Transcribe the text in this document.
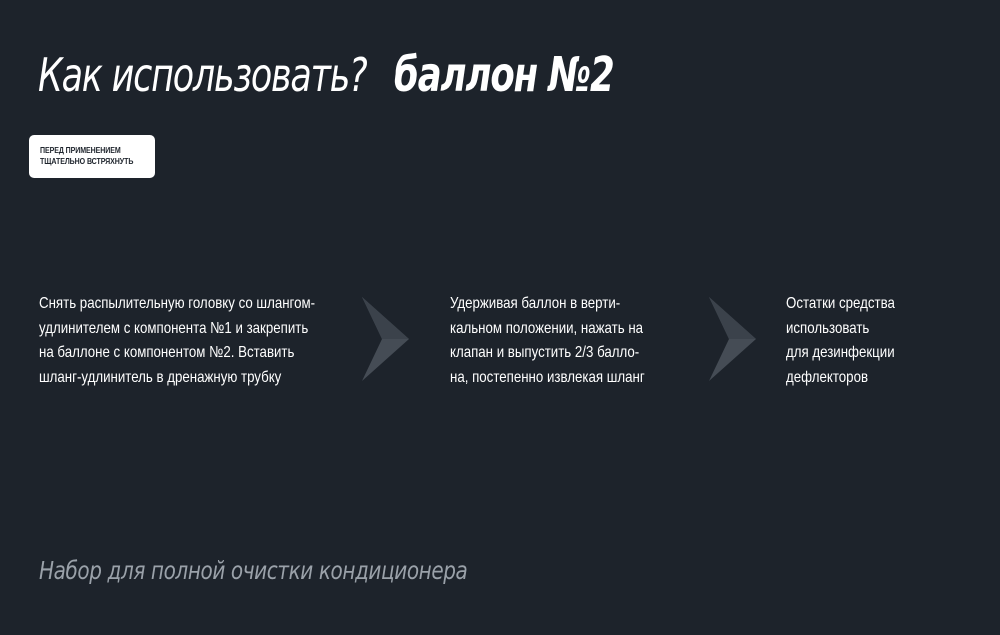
Как использовать? баллон №2
ПЕРЕД ПРИМЕНЕНИЕМ
ТЩАТЕЛЬНО ВСТРЯХНУТЬ
Снять распылительную головку со шлангом-
удлинителем с компонента №1 и закрепить
на баллоне с компонентом №2. Вставить
шланг-удлинитель в дренажную трубку
Удерживая баллон в верти-
кальном положении, нажать на
клапан и выпустить 2/3 балло-
на, постепенно извлекая шланг
Остатки средства
использовать
для дезинфекции
дефлекторов
Набор для полной очистки кондиционера
